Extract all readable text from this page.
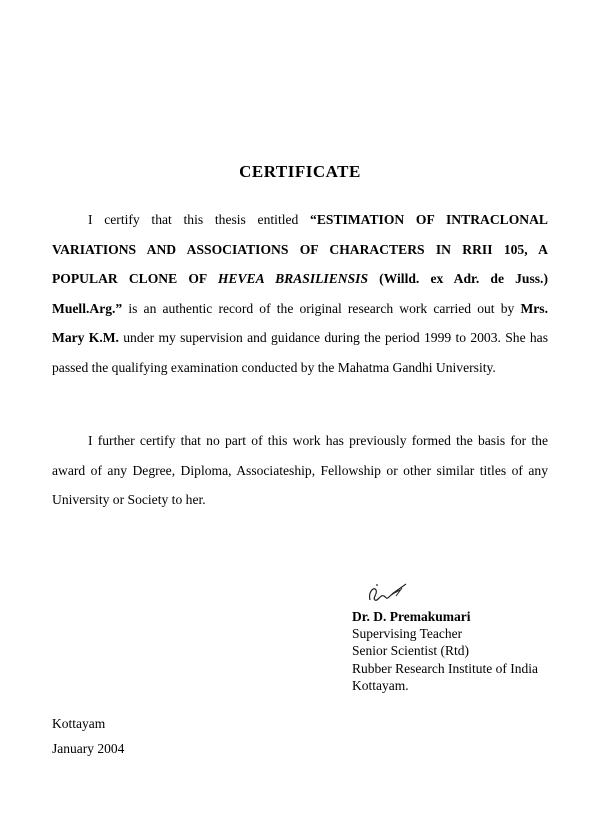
CERTIFICATE
I certify that this thesis entitled “ESTIMATION OF INTRACLONAL VARIATIONS AND ASSOCIATIONS OF CHARACTERS IN RRII 105, A POPULAR CLONE OF HEVEA BRASILIENSIS (Willd. ex Adr. de Juss.) Muell.Arg.” is an authentic record of the original research work carried out by Mrs. Mary K.M. under my supervision and guidance during the period 1999 to 2003. She has passed the qualifying examination conducted by the Mahatma Gandhi University.
I further certify that no part of this work has previously formed the basis for the award of any Degree, Diploma, Associateship, Fellowship or other similar titles of any University or Society to her.
Dr. D. Premakumari
Supervising Teacher
Senior Scientist (Rtd)
Rubber Research Institute of India
Kottayam.
Kottayam
January 2004
